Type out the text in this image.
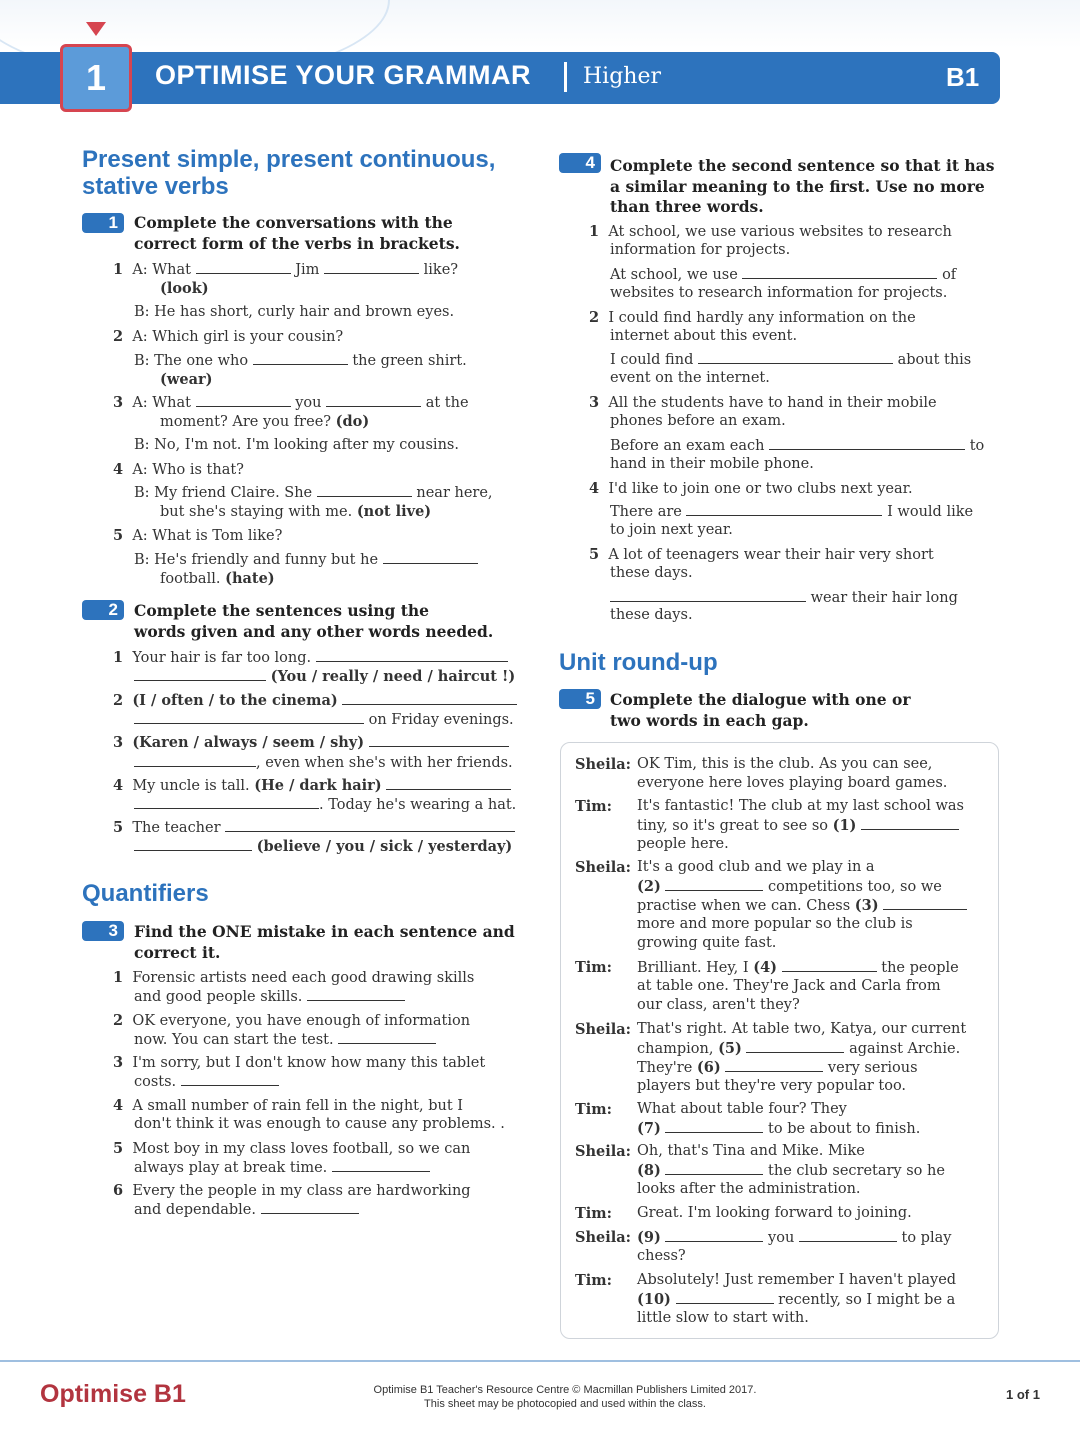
1 OPTIMISE YOUR GRAMMAR Higher	B1
Present simple, present continuous,
stative verbs
1	Complete the conversations with the
correct form of the verbs in brackets.
1 A: What	Jim	like?
(look)
B: He has short, curly hair and brown eyes.
2 A: Which girl is your cousin?
B: The one who	the green shirt.
(wear)
3 A: What	you	at the
moment? Are you free? (do)
B: No, I'm not. I'm looking after my cousins.
4 A: Who is that?
B: My friend Claire. She	near here,
but she's staying with me. (not live)
5 A: What is Tom like?
B: He's friendly and funny but he
football. (hate)
2	Complete the sentences using the
words given and any other words needed.
1 Your hair is far too long.
(You / really / need / haircut !)
2 (I / often / to the cinema)
on Friday evenings.
3 (Karen / always / seem / shy)
, even when she's with her friends.
4 My uncle is tall. (He / dark hair)
. Today he's wearing a hat.
5 The teacher
(believe / you / sick / yesterday)
Quantifiers
3	Find the ONE mistake in each sentence and
correct it.
1 Forensic artists need each good drawing skills
and good people skills.
2 OK everyone, you have enough of information
now. You can start the test.
3 I'm sorry, but I don't know how many this tablet
costs.
4 A small number of rain fell in the night, but I
don't think it was enough to cause any problems. .
5 Most boy in my class loves football, so we can
always play at break time.
6 Every the people in my class are hardworking
and dependable.
4 Complete the second sentence so that it has
a similar meaning to the first. Use no more
than three words.
1 At school, we use various websites to research
information for projects.
At school, we use	of
websites to research information for projects.
2 I could find hardly any information on the
internet about this event.
I could find	about this
event on the internet.
3 All the students have to hand in their mobile
phones before an exam.
Before an exam each	to
hand in their mobile phone.
4 I'd like to join one or two clubs next year.
There are	I would like
to join next year.
5 A lot of teenagers wear their hair very short
these days.
wear their hair long
these days.
Unit round-up
5 Complete the dialogue with one or
two words in each gap.
Sheila: OK Tim, this is the club. As you can see,
everyone here loves playing board games.
Tim: It's fantastic! The club at my last school was
tiny, so it's great to see so (1)
people here.
Sheila: It's a good club and we play in a
(2)	competitions too, so we
practise when we can. Chess (3)
more and more popular so the club is
growing quite fast.
Tim: Brilliant. Hey, I (4)	the people
at table one. They're Jack and Carla from
our class, aren't they?
Sheila: That's right. At table two, Katya, our current
champion, (5)	against Archie.
They're (6)	very serious
players but they're very popular too.
Tim: What about table four? They
(7)	to be about to finish.
Sheila: Oh, that's Tina and Mike. Mike
(8)	the club secretary so he
looks after the administration.
Tim: Great. I'm looking forward to joining.
Sheila: (9)	you	to play
chess?
Tim: Absolutely! Just remember I haven't played
(10)	recently, so I might be a
little slow to start with.
Optimise B1	Optimise B1 Teacher's Resource Centre © Macmillan Publishers Limited 2017.
This sheet may be photocopied and used within the class.
1 of 1
